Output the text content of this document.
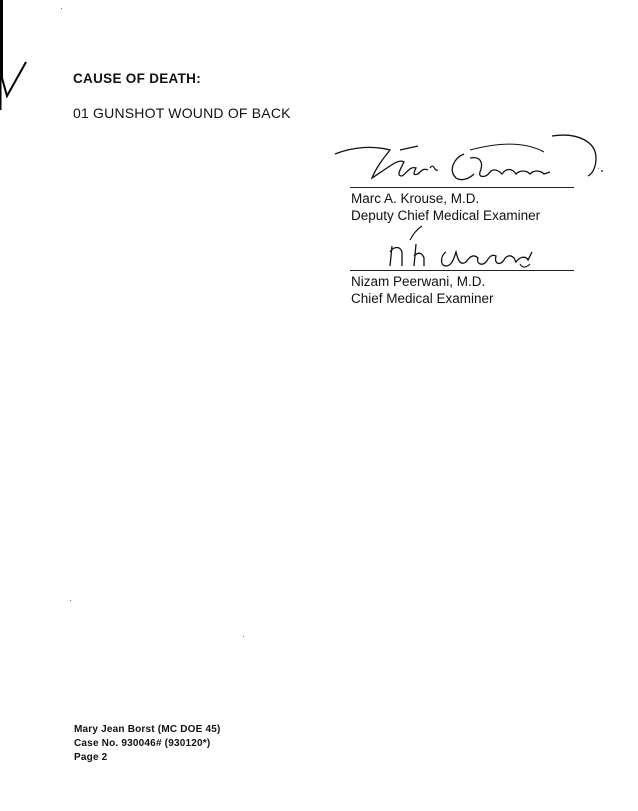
CAUSE OF DEATH:
01 GUNSHOT WOUND OF BACK
Marc A. Krouse, M.D.
Deputy Chief Medical Examiner
Nizam Peerwani, M.D.
Chief Medical Examiner
Mary Jean Borst (MC DOE 45)
Case No. 930046# (930120*)
Page 2
